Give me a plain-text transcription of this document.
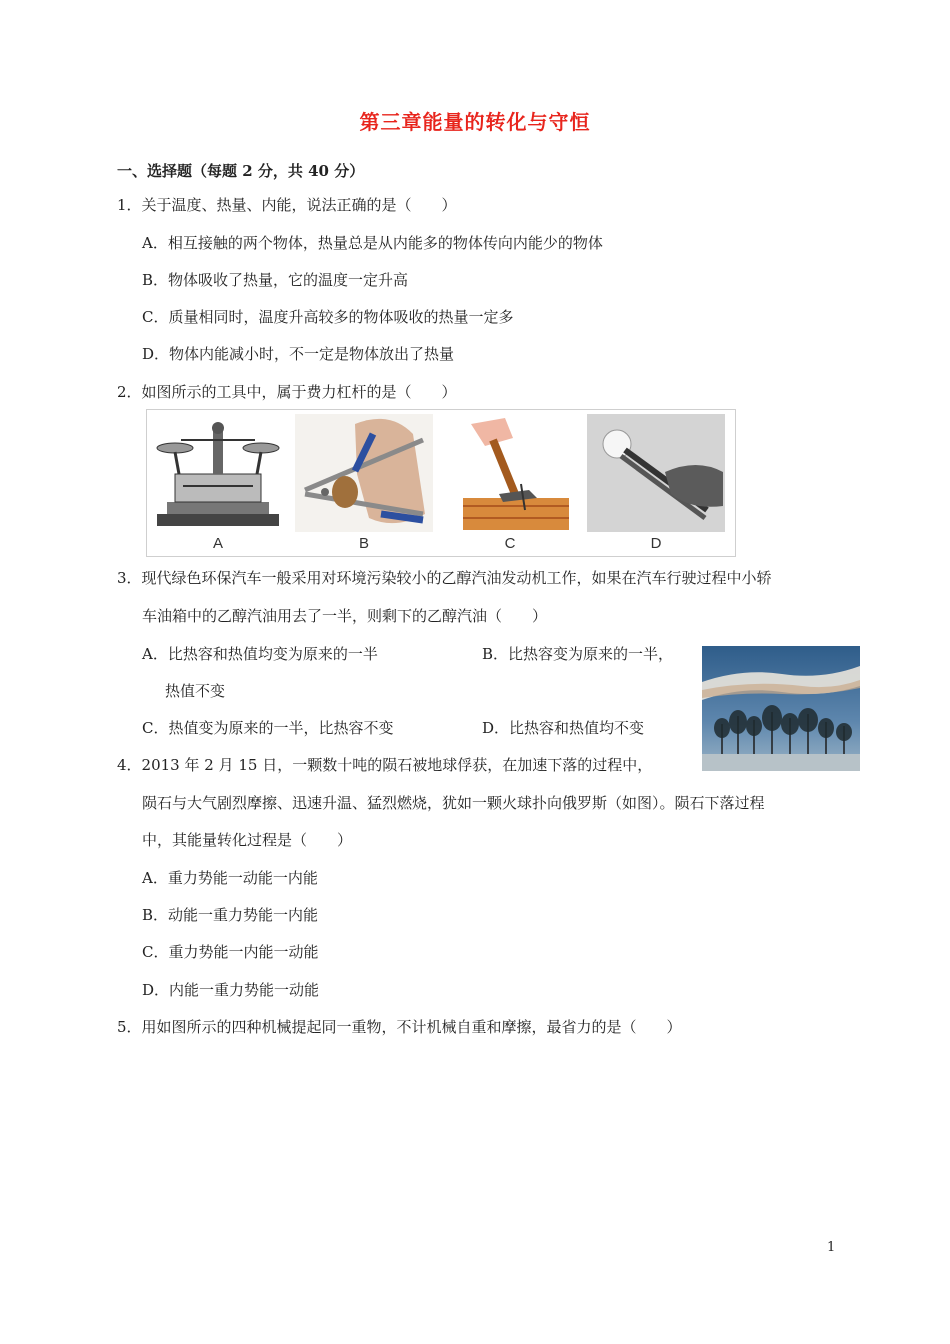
第三章能量的转化与守恒
一、选择题（每题 2 分，共 40 分）
1．关于温度、热量、内能，说法正确的是（　　）
A．相互接触的两个物体，热量总是从内能多的物体传向内能少的物体
B．物体吸收了热量，它的温度一定升高
C．质量相同时，温度升高较多的物体吸收的热量一定多
D．物体内能减小时，不一定是物体放出了热量
2．如图所示的工具中，属于费力杠杆的是（　　）
A	B	C	D
3．现代绿色环保汽车一般采用对环境污染较小的乙醇汽油发动机工作，如果在汽车行驶过程中小轿
车油箱中的乙醇汽油用去了一半，则剩下的乙醇汽油（　　）
A．比热容和热值均变为原来的一半	B．比热容变为原来的一半，
热值不变
C．热值变为原来的一半，比热容不变	D．比热容和热值均不变
4．2013 年 2 月 15 日，一颗数十吨的陨石被地球俘获，在加速下落的过程中，
陨石与大气剧烈摩擦、迅速升温、猛烈燃烧，犹如一颗火球扑向俄罗斯（如图）。陨石下落过程
中，其能量转化过程是（　　）
A．重力势能一动能一内能
B．动能一重力势能一内能
C．重力势能一内能一动能
D．内能一重力势能一动能
5．用如图所示的四种机械提起同一重物，不计机械自重和摩擦，最省力的是（　　）
1
